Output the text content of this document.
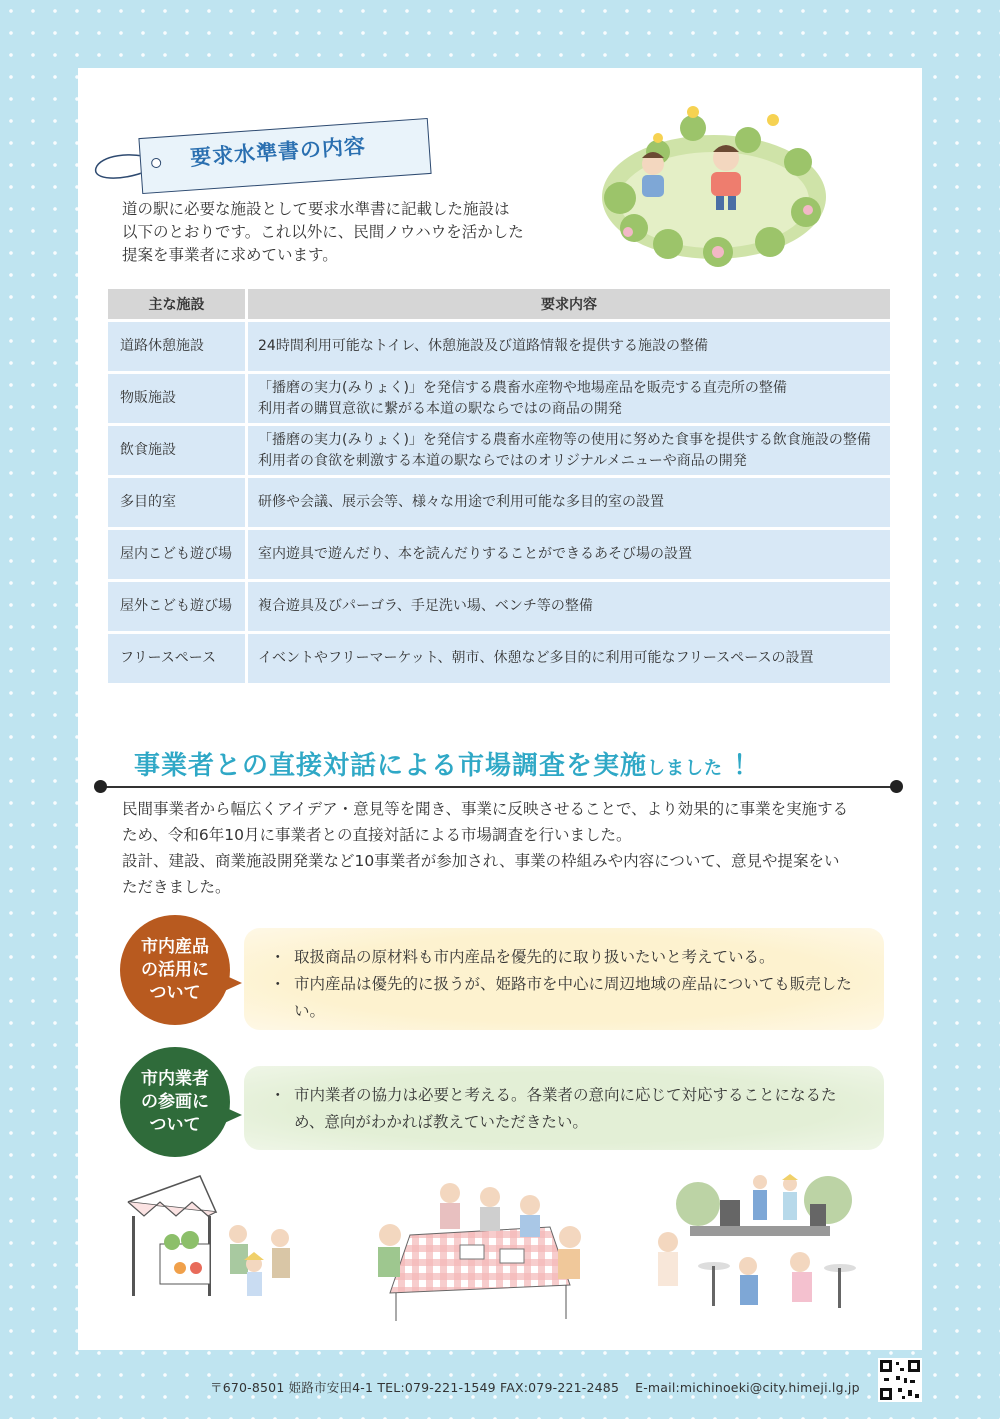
要求水準書の内容
道の駅に必要な施設として要求水準書に記載した施設は
以下のとおりです。これ以外に、民間ノウハウを活かした
提案を事業者に求めています。
主な施設	要求内容
道路休憩施設	24時間利用可能なトイレ、休憩施設及び道路情報を提供する施設の整備

物販施設	「播磨の実力(みりょく)」を発信する農畜水産物や地場産品を販売する直売所の整備
利用者の購買意欲に繋がる本道の駅ならではの商品の開発

飲食施設	「播磨の実力(みりょく)」を発信する農畜水産物等の使用に努めた食事を提供する飲食施設の整備
利用者の食欲を刺激する本道の駅ならではのオリジナルメニューや商品の開発

多目的室	研修や会議、展示会等、様々な用途で利用可能な多目的室の設置

屋内こども遊び場	室内遊具で遊んだり、本を読んだりすることができるあそび場の設置

屋外こども遊び場	複合遊具及びパーゴラ、手足洗い場、ベンチ等の整備

フリースペース	イベントやフリーマーケット、朝市、休憩など多目的に利用可能なフリースペースの設置
事業者との直接対話による市場調査を実施しました ！
民間事業者から幅広くアイデア・意見等を聞き、事業に反映させることで、より効果的に事業を実施する
ため、令和6年10月に事業者との直接対話による市場調査を行いました。
設計、建設、商業施設開発業など10事業者が参加され、事業の枠組みや内容について、意見や提案をい
ただきました。
・ 取扱商品の原材料も市内産品を優先的に取り扱いたいと考えている。
・ 市内産品は優先的に扱うが、姫路市を中心に周辺地域の産品についても販売したい。
市内産品
の活用に
ついて
・ 市内業者の協力は必要と考える。各業者の意向に応じて対応することになるため、意向がわかれば教えていただきたい。
市内業者
の参画に
ついて
〒670-8501 姫路市安田4-1 TEL:079-221-1549 FAX:079-221-2485 E-mail:michinoeki@city.himeji.lg.jp
